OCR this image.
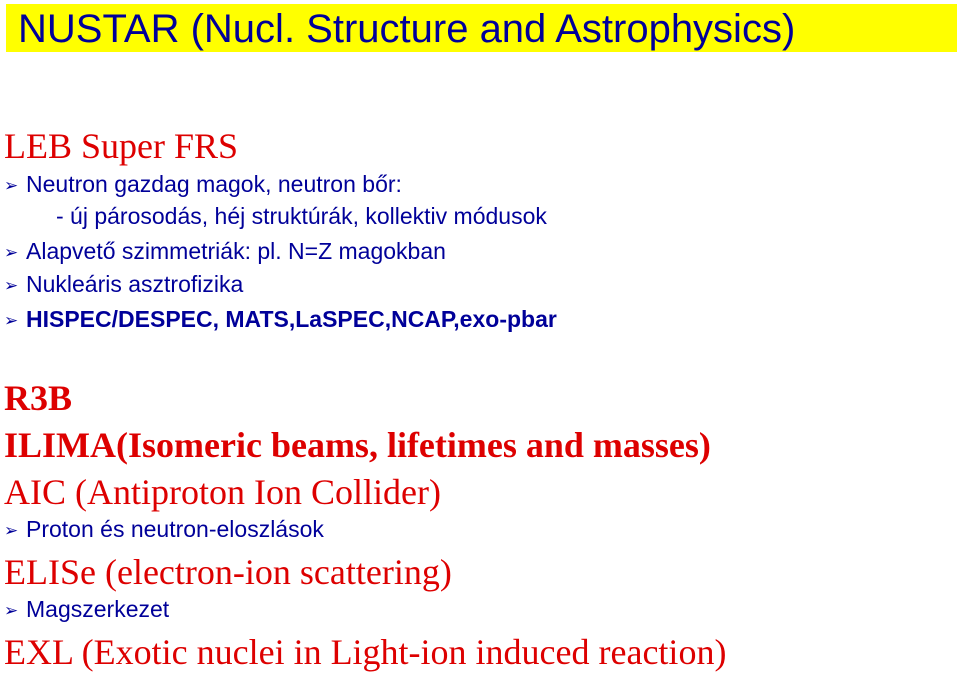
NUSTAR (Nucl. Structure and Astrophysics)
LEB Super FRS
➢ Neutron gazdag magok, neutron bőr:
- új párosodás, héj struktúrák, kollektiv módusok
➢ Alapvető szimmetriák: pl. N=Z magokban
➢ Nukleáris asztrofizika
➢ HISPEC/DESPEC, MATS,LaSPEC,NCAP,exo-pbar
R3B
ILIMA(Isomeric beams, lifetimes and masses)
AIC (Antiproton Ion Collider)
➢ Proton és neutron-eloszlások
ELISe (electron-ion scattering)
➢ Magszerkezet
EXL (Exotic nuclei in Light-ion induced reaction)
